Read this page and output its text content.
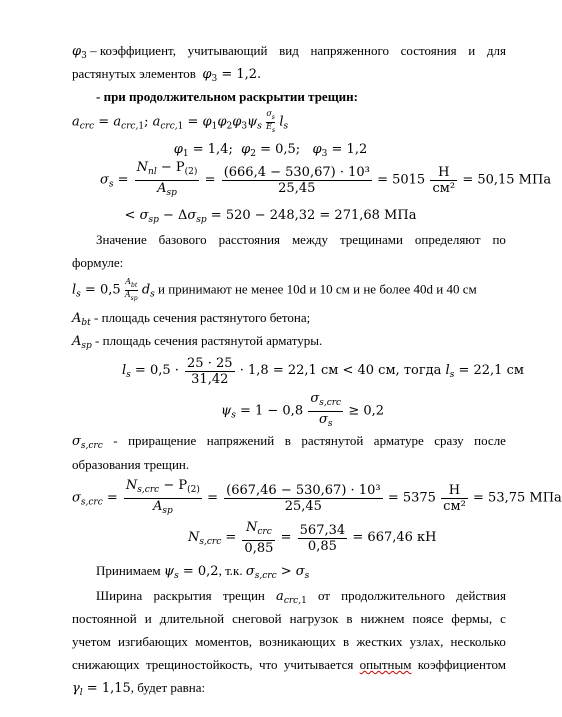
$\varphi_3$ – коэффициент, учитывающий вид напряженного состояния и для
растянутых элементов $\varphi_3 = 1,2$.
- при продолжительном раскрытии трещин:
$a_{crc} = a_{crc,1}$; $a_{crc,1} = \varphi_1\varphi_2\varphi_3\psi_s \frac{\sigma_s}{E_s} l_s$
$\varphi_1 = 1,4$;  $\varphi_2 = 0,5$;   $\varphi_3 = 1,2$
$\sigma_s = \frac{N_{nl} - P_{(2)}}{A_{sp}} = \frac{\text{(666,4 − 530,67) · 10³}}{25,45} = 5015 \frac{Н}{\text{см²}} = 50,15$ МПа
< $\sigma_{sp} - \Delta\sigma_{sp} = 520 - 248,32 = 271,68$ МПа
Значение базового расстояния между трещинами определяют по
формуле:
$l_s = 0,5$
$A_{bt}$
$A_{sp}$
$d_s$ и принимают не менее 10d и 10 см и не более 40d и 40 см
$A_{bt}$ - площадь сечения растянутого бетона;
$A_{sp}$ - площадь сечения растянутой арматуры.
$l_s = 0,5 \cdot \frac{25 \cdot 25}{31,42} \cdot 1,8 = 22,1$ см < 40 см, тогда $l_s = 22,1$ см
$\psi_s = 1 - 0,8 \frac{\sigma_{s,crc}}{\sigma_s} \ge 0,2$
$\sigma_{s,crc}$ - приращение напряжений в растянутой арматуре сразу после
образования трещин.
$\sigma_{s,crc} = \frac{N_{s,crc} - P_{(2)}}{A_{sp}} = \frac{\text{(667,46 − 530,67) · 10³}}{25,45} = 5375 \frac{Н}{\text{см²}} = 53,75$ МПа
$N_{s,crc} = \frac{N_{crc}}{0,85} = \frac{567,34}{0,85} = 667,46$ кН
Принимаем $\psi_s = 0,2$, т.к. $\sigma_{s,crc} > \sigma_s$
Ширина раскрытия трещин $a_{crc,1}$ от продолжительного действия
постоянной и длительной снеговой нагрузок в нижнем поясе фермы, с
учетом изгибающих моментов, возникающих в жестких узлах, несколько
снижающих трещиностойкость, что учитывается опытным коэффициентом
$\gamma_l = 1,15$, будет равна:
